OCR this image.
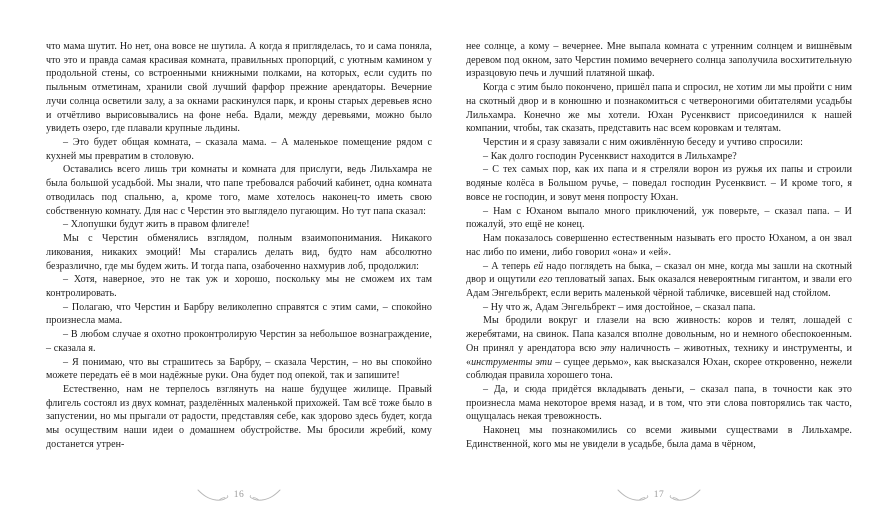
что мама шутит. Но нет, она вовсе не шутила. А когда я пригляделась, то и сама поняла, что это и правда самая красивая комната, правильных пропорций, с уютным камином у продольной стены, со встроенными книжными полками, на которых, если судить по пыльным отметинам, хранили свой лучший фарфор прежние арендаторы. Вечерние лучи солнца осветили залу, а за окнами раскинулся парк, и кроны старых деревьев ясно и отчётливо вырисовывались на фоне неба. Вдали, между деревьями, можно было увидеть озеро, где плавали крупные льдины.

– Это будет общая комната, – сказала мама. – А маленькое помещение рядом с кухней мы превратим в столовую.

Оставались всего лишь три комнаты и комната для прислуги, ведь Лильхамра не была большой усадьбой. Мы знали, что папе требовался рабочий кабинет, одна комната отводилась под спальню, а, кроме того, маме хотелось наконец-то иметь свою собственную комнату. Для нас с Черстин это выглядело пугающим. Но тут папа сказал:

– Хлопушки будут жить в правом флигеле!

Мы с Черстин обменялись взглядом, полным взаимопонимания. Никакого ликования, никаких эмоций! Мы старались делать вид, будто нам абсолютно безразлично, где мы будем жить. И тогда папа, озабоченно нахмурив лоб, продолжил:

– Хотя, наверное, это не так уж и хорошо, поскольку мы не сможем их там контролировать.

– Полагаю, что Черстин и Барбру великолепно справятся с этим сами, – спокойно произнесла мама.

– В любом случае я охотно проконтролирую Черстин за небольшое вознаграждение, – сказала я.

– Я понимаю, что вы страшитесь за Барбру, – сказала Черстин, – но вы спокойно можете передать её в мои надёжные руки. Она будет под опекой, так и запишите!

Естественно, нам не терпелось взглянуть на наше будущее жилище. Правый флигель состоял из двух комнат, разделённых маленькой прихожей. Там всё тоже было в запустении, но мы прыгали от радости, представляя себе, как здорово здесь будет, когда мы осуществим наши идеи о домашнем обустройстве. Мы бросили жребий, кому достанется утрен-

16

нее солнце, а кому – вечернее. Мне выпала комната с утренним солнцем и вишнёвым деревом под окном, зато Черстин помимо вечернего солнца заполучила восхитительную изразцовую печь и лучший платяной шкаф.

Когда с этим было покончено, пришёл папа и спросил, не хотим ли мы пройти с ним на скотный двор и в конюшню и познакомиться с четвероногими обитателями усадьбы Лильхамра. Конечно же мы хотели. Юхан Русенквист присоединился к нашей компании, чтобы, так сказать, представить нас всем коровкам и телятам.

Черстин и я сразу завязали с ним оживлённую беседу и учтиво спросили:

– Как долго господин Русенквист находится в Лильхамре?

– С тех самых пор, как их папа и я стреляли ворон из ружья их папы и строили водяные колёса в Большом ручье, – поведал господин Русенквист. – И кроме того, я вовсе не господин, и зовут меня попросту Юхан.

– Нам с Юханом выпало много приключений, уж поверьте, – сказал папа. – И пожалуй, это ещё не конец.

Нам показалось совершенно естественным называть его просто Юханом, а он звал нас либо по имени, либо говорил «она» и «ей».

– А теперь ей надо поглядеть на быка, – сказал он мне, когда мы зашли на скотный двор и ощутили его тепловатый запах. Бык оказался невероятным гигантом, и звали его Адам Энгельбрект, если верить маленькой чёрной табличке, висевшей над стойлом.

– Ну что ж, Адам Энгельбрект – имя достойное, – сказал папа.

Мы бродили вокруг и глазели на всю живность: коров и телят, лошадей с жеребятами, на свинок. Папа казался вполне довольным, но и немного обеспокоенным. Он принял у арендатора всю эту наличность – животных, технику и инструменты, и «инструменты эти – сущее дерьмо», как высказался Юхан, скорее откровенно, нежели соблюдая правила хорошего тона.

– Да, и сюда придётся вкладывать деньги, – сказал папа, в точности как это произнесла мама некоторое время назад, и в том, что эти слова повторялись так часто, ощущалась некая тревожность.

Наконец мы познакомились со всеми живыми существами в Лильхамре. Единственной, кого мы не увидели в усадьбе, была дама в чёрном,

17
